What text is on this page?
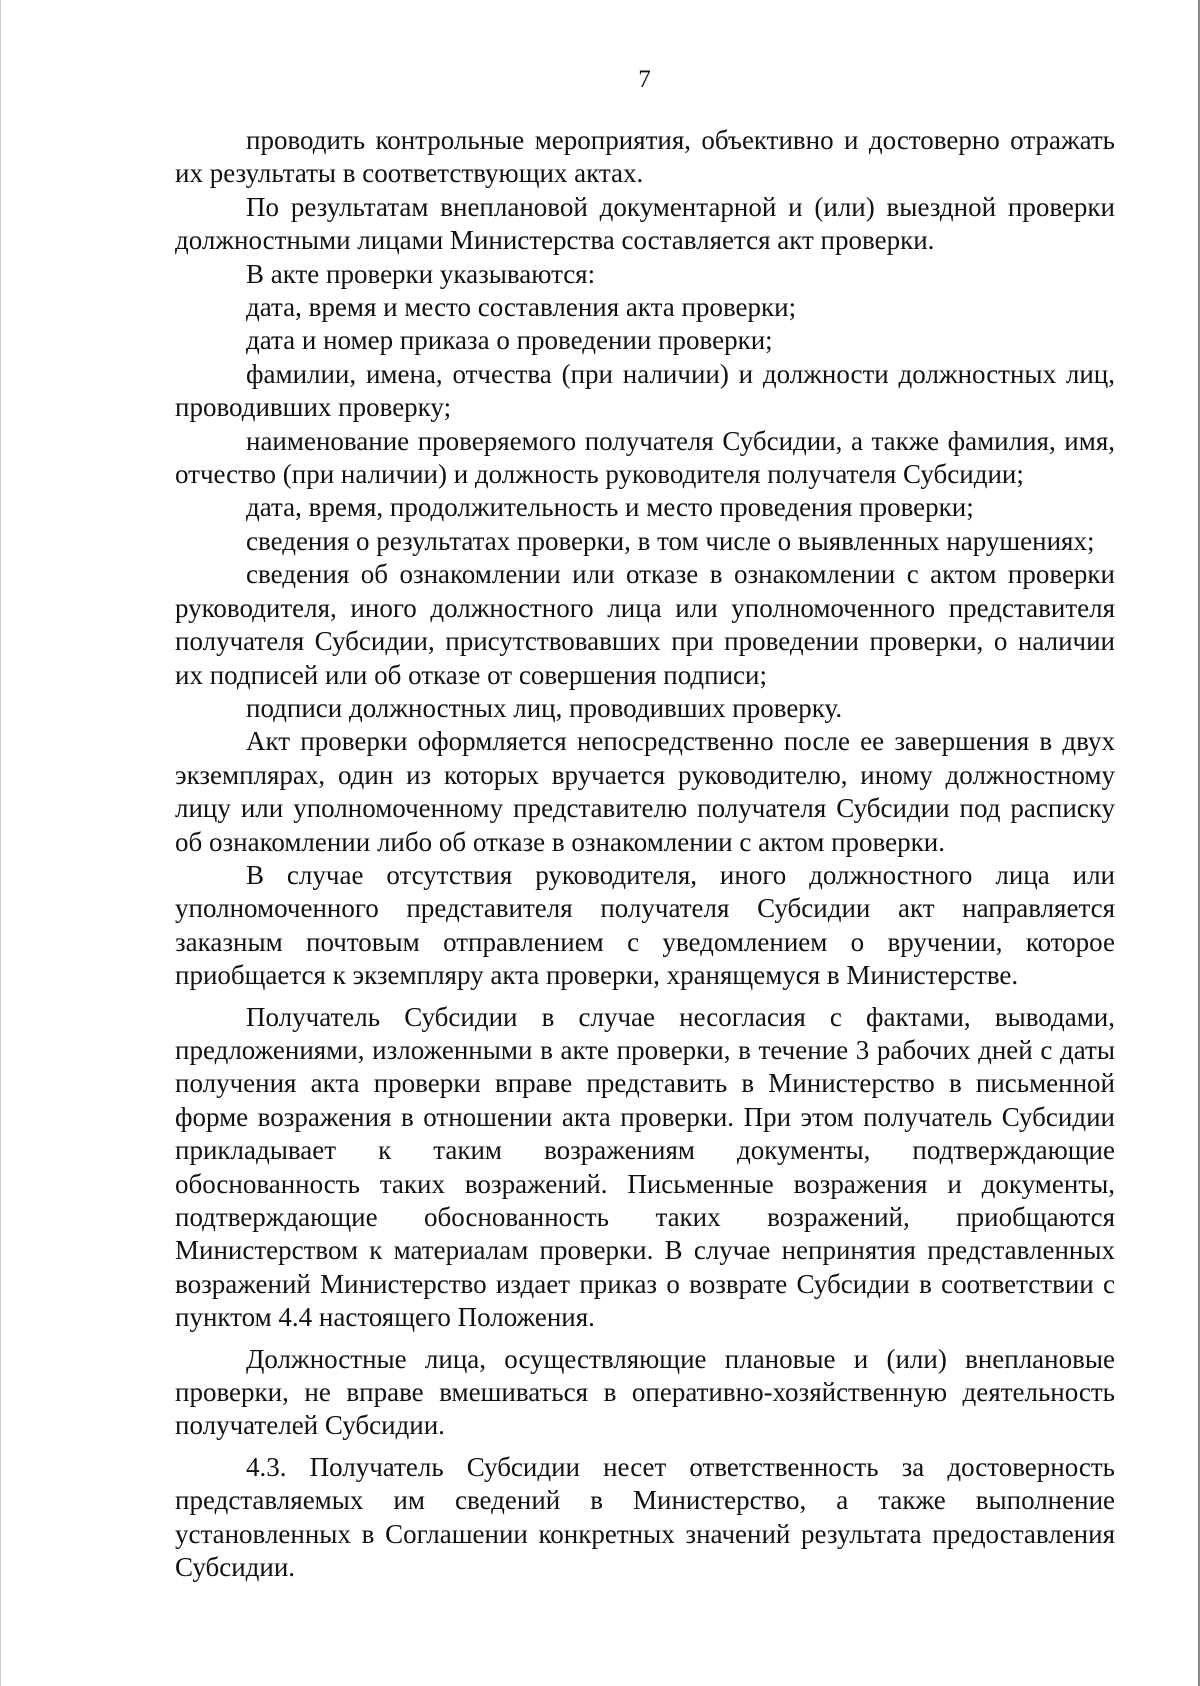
7

проводить контрольные мероприятия, объективно и достоверно отражать их результаты в соответствующих актах.

По результатам внеплановой документарной и (или) выездной проверки должностными лицами Министерства составляется акт проверки.

В акте проверки указываются:

дата, время и место составления акта проверки;

дата и номер приказа о проведении проверки;

фамилии, имена, отчества (при наличии) и должности должностных лиц, проводивших проверку;

наименование проверяемого получателя Субсидии, а также фамилия, имя, отчество (при наличии) и должность руководителя получателя Субсидии;

дата, время, продолжительность и место проведения проверки;

сведения о результатах проверки, в том числе о выявленных нарушениях;

сведения об ознакомлении или отказе в ознакомлении с актом проверки руководителя, иного должностного лица или уполномоченного представителя получателя Субсидии, присутствовавших при проведении проверки, о наличии их подписей или об отказе от совершения подписи;

подписи должностных лиц, проводивших проверку.

Акт проверки оформляется непосредственно после ее завершения в двух экземплярах, один из которых вручается руководителю, иному должностному лицу или уполномоченному представителю получателя Субсидии под расписку об ознакомлении либо об отказе в ознакомлении с актом проверки.

В случае отсутствия руководителя, иного должностного лица или уполномоченного представителя получателя Субсидии акт направляется заказным почтовым отправлением с уведомлением о вручении, которое приобщается к экземпляру акта проверки, хранящемуся в Министерстве.

Получатель Субсидии в случае несогласия с фактами, выводами, предложениями, изложенными в акте проверки, в течение 3 рабочих дней с даты получения акта проверки вправе представить в Министерство в письменной форме возражения в отношении акта проверки. При этом получатель Субсидии прикладывает к таким возражениям документы, подтверждающие обоснованность таких возражений. Письменные возражения и документы, подтверждающие обоснованность таких возражений, приобщаются Министерством к материалам проверки. В случае непринятия представленных возражений Министерство издает приказ о возврате Субсидии в соответствии с пунктом 4.4 настоящего Положения.

Должностные лица, осуществляющие плановые и (или) внеплановые проверки, не вправе вмешиваться в оперативно-хозяйственную деятельность получателей Субсидии.

4.3. Получатель Субсидии несет ответственность за достоверность представляемых им сведений в Министерство, а также выполнение установленных в Соглашении конкретных значений результата предоставления Субсидии.
